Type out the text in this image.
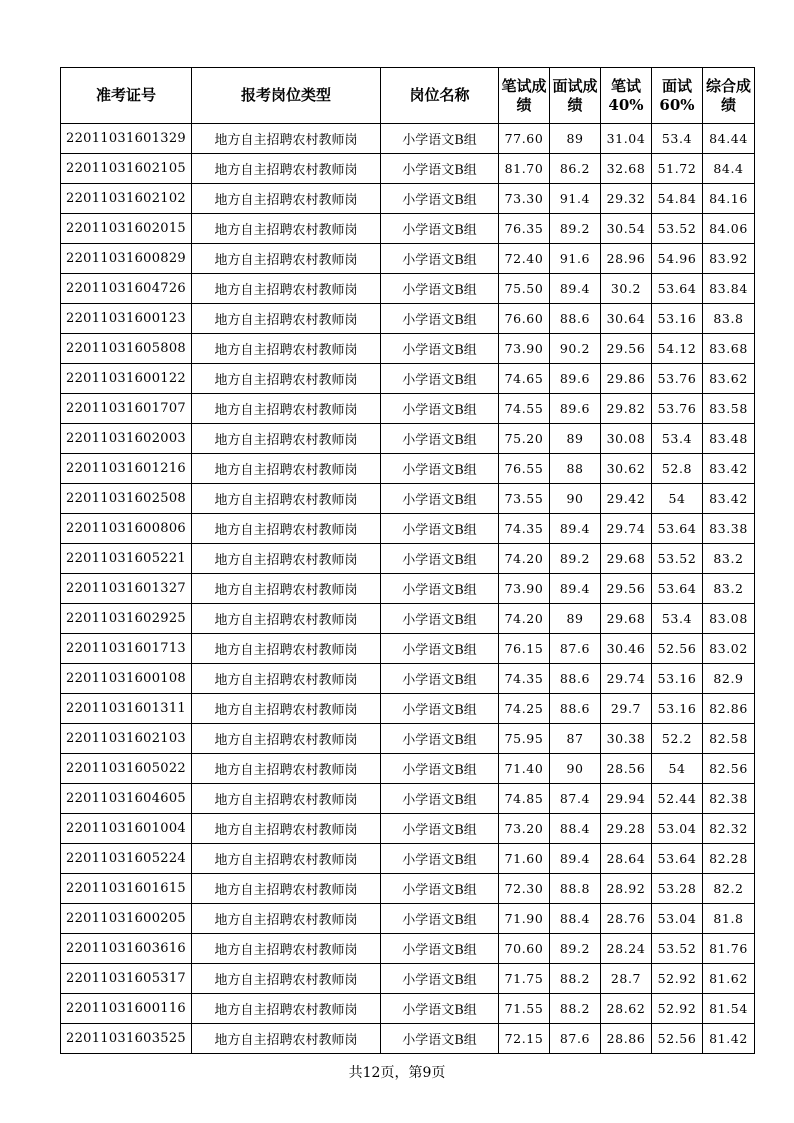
准考证号	报考岗位类型	岗位名称	笔试成绩	面试成绩	笔试40%	面试60%	综合成绩
22011031601329	地方自主招聘农村教师岗	小学语文B组	77.60	89	31.04	53.4	84.44
22011031602105	地方自主招聘农村教师岗	小学语文B组	81.70	86.2	32.68	51.72	84.4
22011031602102	地方自主招聘农村教师岗	小学语文B组	73.30	91.4	29.32	54.84	84.16
22011031602015	地方自主招聘农村教师岗	小学语文B组	76.35	89.2	30.54	53.52	84.06
22011031600829	地方自主招聘农村教师岗	小学语文B组	72.40	91.6	28.96	54.96	83.92
22011031604726	地方自主招聘农村教师岗	小学语文B组	75.50	89.4	30.2	53.64	83.84
22011031600123	地方自主招聘农村教师岗	小学语文B组	76.60	88.6	30.64	53.16	83.8
22011031605808	地方自主招聘农村教师岗	小学语文B组	73.90	90.2	29.56	54.12	83.68
22011031600122	地方自主招聘农村教师岗	小学语文B组	74.65	89.6	29.86	53.76	83.62
22011031601707	地方自主招聘农村教师岗	小学语文B组	74.55	89.6	29.82	53.76	83.58
22011031602003	地方自主招聘农村教师岗	小学语文B组	75.20	89	30.08	53.4	83.48
22011031601216	地方自主招聘农村教师岗	小学语文B组	76.55	88	30.62	52.8	83.42
22011031602508	地方自主招聘农村教师岗	小学语文B组	73.55	90	29.42	54	83.42
22011031600806	地方自主招聘农村教师岗	小学语文B组	74.35	89.4	29.74	53.64	83.38
22011031605221	地方自主招聘农村教师岗	小学语文B组	74.20	89.2	29.68	53.52	83.2
22011031601327	地方自主招聘农村教师岗	小学语文B组	73.90	89.4	29.56	53.64	83.2
22011031602925	地方自主招聘农村教师岗	小学语文B组	74.20	89	29.68	53.4	83.08
22011031601713	地方自主招聘农村教师岗	小学语文B组	76.15	87.6	30.46	52.56	83.02
22011031600108	地方自主招聘农村教师岗	小学语文B组	74.35	88.6	29.74	53.16	82.9
22011031601311	地方自主招聘农村教师岗	小学语文B组	74.25	88.6	29.7	53.16	82.86
22011031602103	地方自主招聘农村教师岗	小学语文B组	75.95	87	30.38	52.2	82.58
22011031605022	地方自主招聘农村教师岗	小学语文B组	71.40	90	28.56	54	82.56
22011031604605	地方自主招聘农村教师岗	小学语文B组	74.85	87.4	29.94	52.44	82.38
22011031601004	地方自主招聘农村教师岗	小学语文B组	73.20	88.4	29.28	53.04	82.32
22011031605224	地方自主招聘农村教师岗	小学语文B组	71.60	89.4	28.64	53.64	82.28
22011031601615	地方自主招聘农村教师岗	小学语文B组	72.30	88.8	28.92	53.28	82.2
22011031600205	地方自主招聘农村教师岗	小学语文B组	71.90	88.4	28.76	53.04	81.8
22011031603616	地方自主招聘农村教师岗	小学语文B组	70.60	89.2	28.24	53.52	81.76
22011031605317	地方自主招聘农村教师岗	小学语文B组	71.75	88.2	28.7	52.92	81.62
22011031600116	地方自主招聘农村教师岗	小学语文B组	71.55	88.2	28.62	52.92	81.54
22011031603525	地方自主招聘农村教师岗	小学语文B组	72.15	87.6	28.86	52.56	81.42
共12页，第9页
